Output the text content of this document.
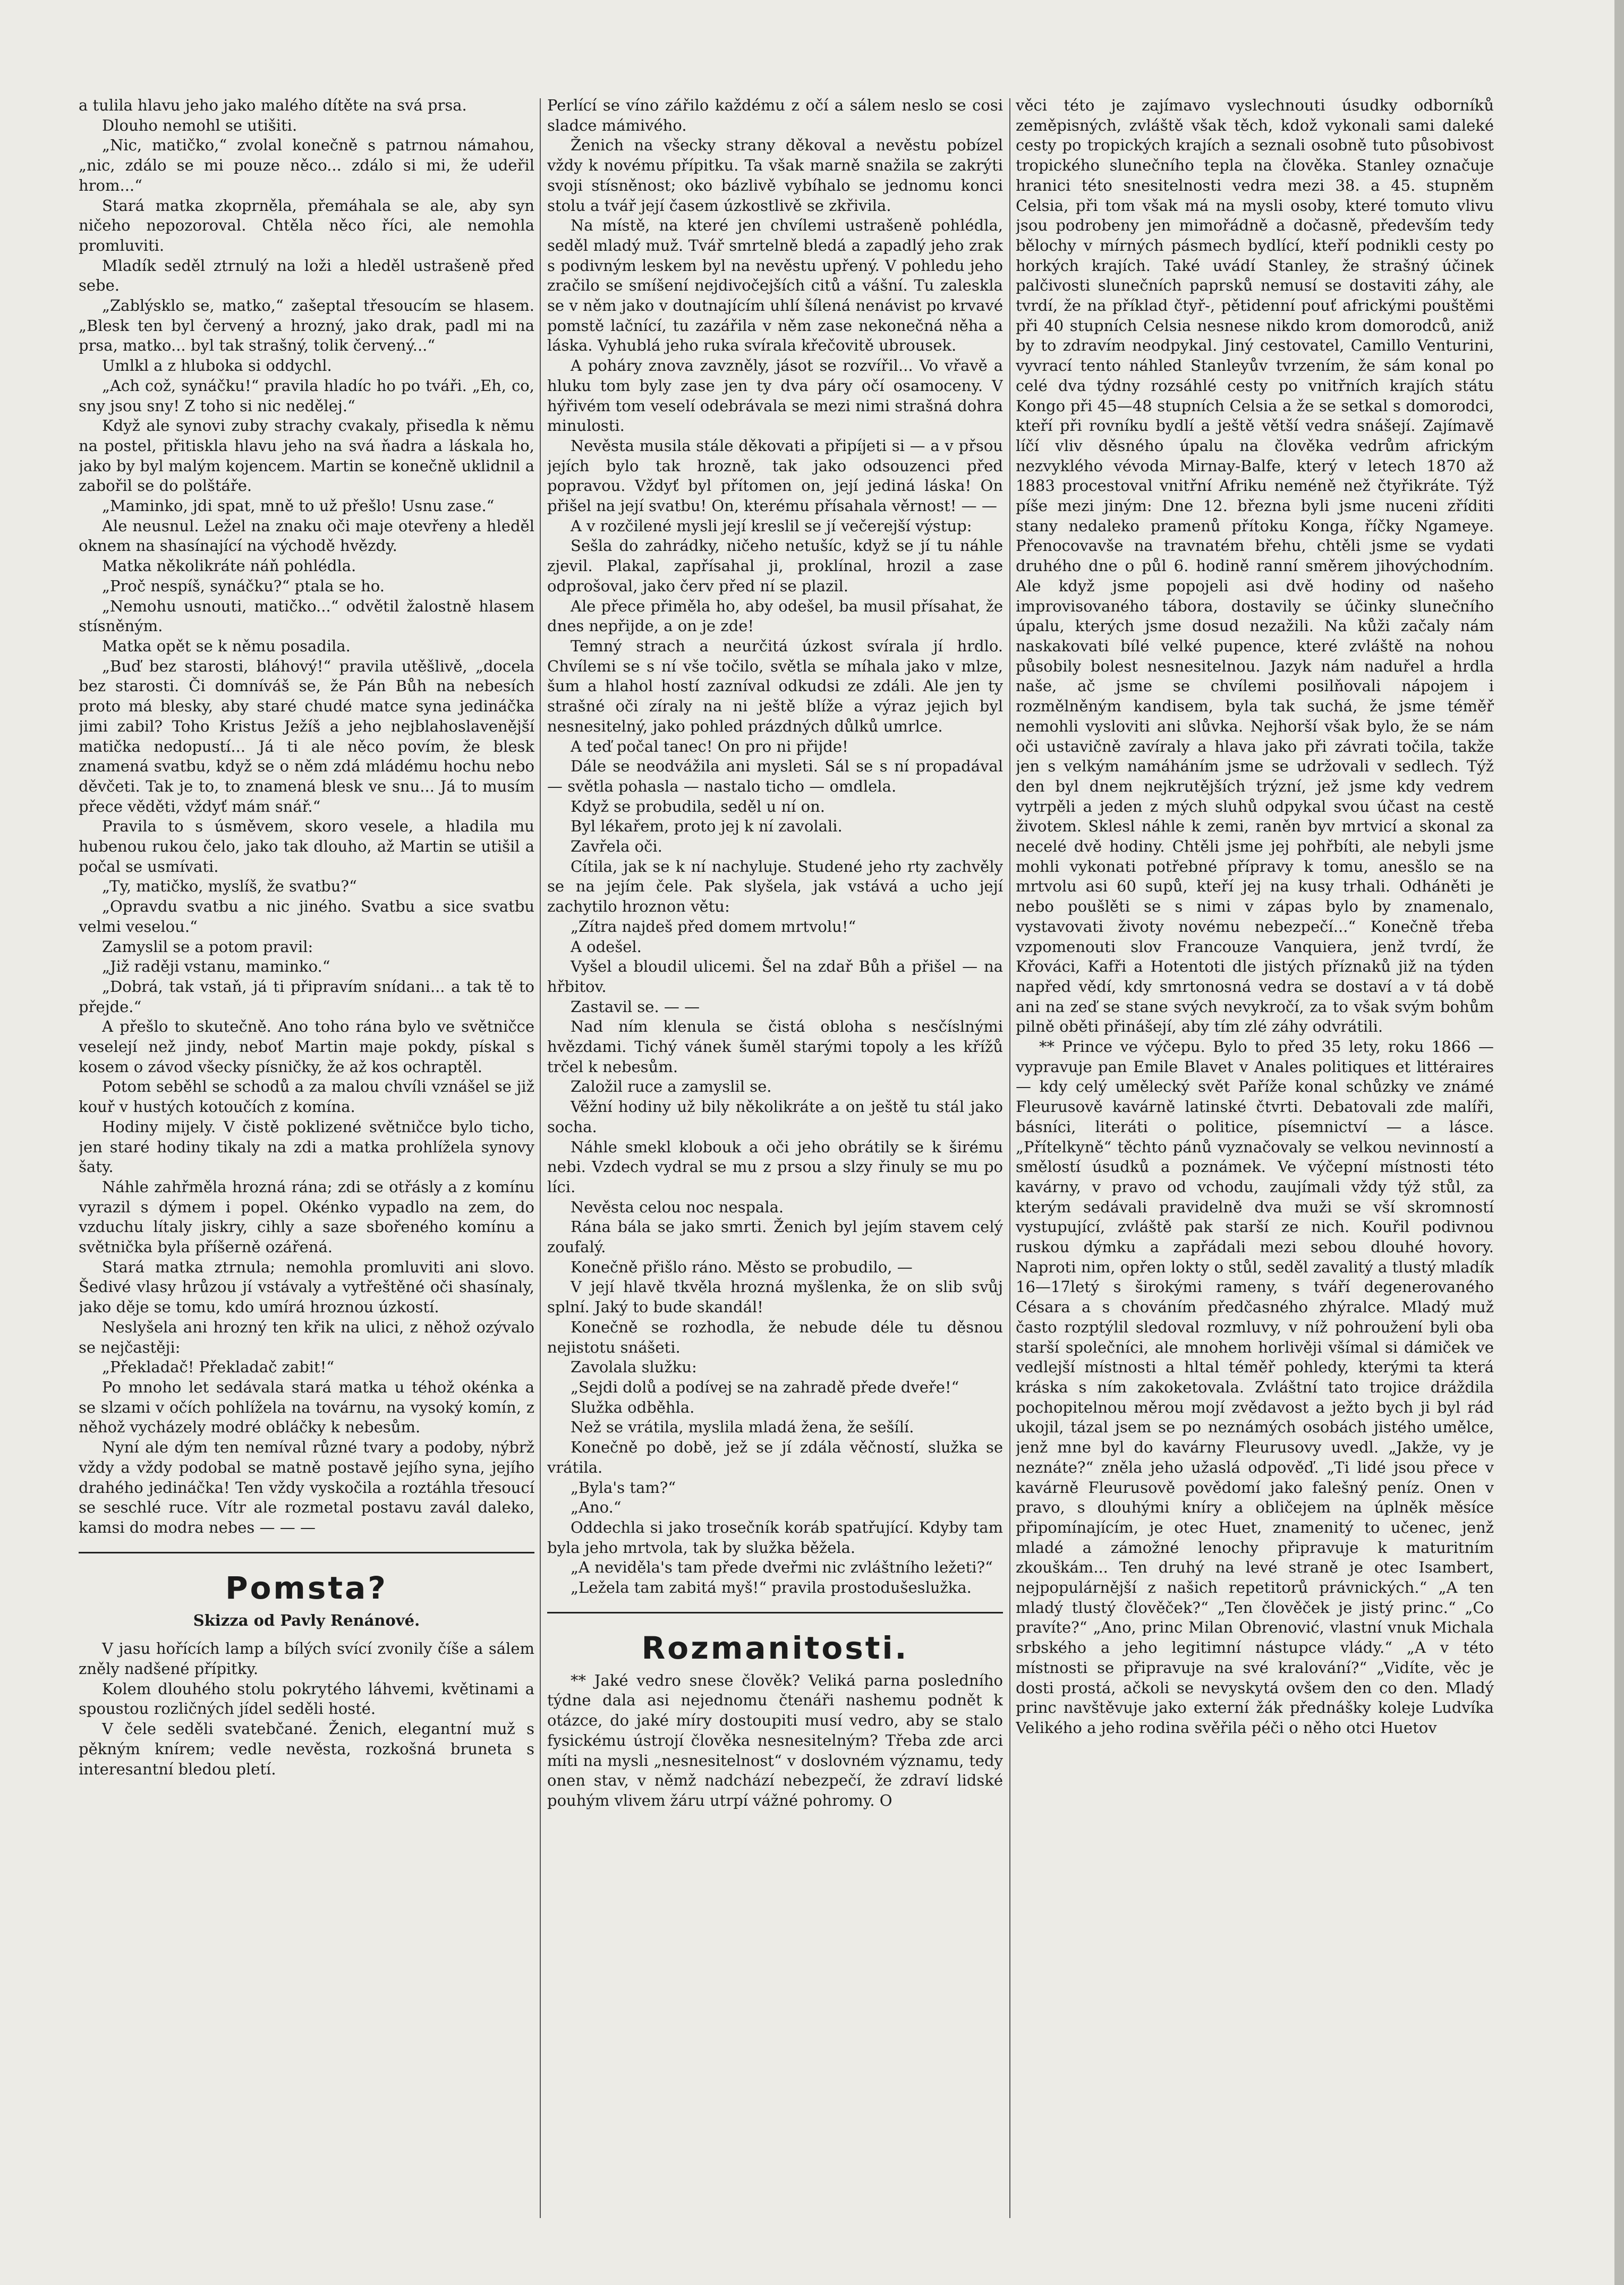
a tulila hlavu jeho jako malého dítěte na svá prsa.

Dlouho nemohl se utišiti.

„Nic, matičko,“ zvolal konečně s patrnou námahou, „nic, zdálo se mi pouze něco... zdálo si mi, že udeřil hrom...“

Stará matka zkoprněla, přemáhala se ale, aby syn ničeho nepozoroval. Chtěla něco říci, ale nemohla promluviti.

Mladík seděl ztrnulý na loži a hleděl ustrašeně před sebe.

„Zablýsklo se, matko,“ zašeptal třesoucím se hlasem. „Blesk ten byl červený a hrozný, jako drak, padl mi na prsa, matko... byl tak strašný, tolik červený...“

Umlkl a z hluboka si oddychl.

„Ach což, synáčku!“ pravila hladíc ho po tváři. „Eh, co, sny jsou sny! Z toho si nic nedělej.“

Když ale synovi zuby strachy cvakaly, přisedla k němu na postel, přitiskla hlavu jeho na svá ňadra a láskala ho, jako by byl malým kojencem. Martin se konečně uklidnil a zabořil se do polštáře.

„Maminko, jdi spat, mně to už přešlo! Usnu zase.“

Ale neusnul. Ležel na znaku oči maje otevřeny a hleděl oknem na shasínající na východě hvězdy.

Matka několikráte náň pohlédla.

„Proč nespíš, synáčku?“ ptala se ho.

„Nemohu usnouti, matičko...“ odvětil žalostně hlasem stísněným.

Matka opět se k němu posadila.

„Buď bez starosti, bláhový!“ pravila utěšlivě, „docela bez starosti. Či domníváš se, že Pán Bůh na nebesích proto má blesky, aby staré chudé matce syna jedináčka jimi zabil? Toho Kristus Ježíš a jeho nejblahoslavenější matička nedopustí... Já ti ale něco povím, že blesk znamená svatbu, když se o něm zdá mládému hochu nebo děvčeti. Tak je to, to znamená blesk ve snu... Já to musím přece věděti, vždyť mám snář.“

Pravila to s úsměvem, skoro vesele, a hladila mu hubenou rukou čelo, jako tak dlouho, až Martin se utišil a počal se usmívati.

„Ty, matičko, myslíš, že svatbu?“

„Opravdu svatbu a nic jiného. Svatbu a sice svatbu velmi veselou.“

Zamyslil se a potom pravil:

„Již raději vstanu, maminko.“

„Dobrá, tak vstaň, já ti připravím snídani... a tak tě to přejde.“

A přešlo to skutečně. Ano toho rána bylo ve světničce veselejí než jindy, neboť Martin maje pokdy, pískal s kosem o závod všecky písničky, že až kos ochraptěl.

Potom seběhl se schodů a za malou chvíli vznášel se již kouř v hustých kotoučích z komína.

Hodiny mijely. V čistě poklizené světničce bylo ticho, jen staré hodiny tikaly na zdi a matka prohlížela synovy šaty.

Náhle zahřměla hrozná rána; zdi se otřásly a z komínu vyrazil s dýmem i popel. Okénko vypadlo na zem, do vzduchu lítaly jiskry, cihly a saze sbořeného komínu a světnička byla příšerně ozářená.

Stará matka ztrnula; nemohla promluviti ani slovo. Šedivé vlasy hrůzou jí vstávaly a vytřeštěné oči shasínaly, jako děje se tomu, kdo umírá hroznou úzkostí.

Neslyšela ani hrozný ten křik na ulici, z něhož ozývalo se nejčastěji:

„Překladač! Překladač zabit!“

Po mnoho let sedávala stará matka u téhož okénka a se slzami v očích pohlížela na továrnu, na vysoký komín, z něhož vycházely modré obláčky k nebesům.

Nyní ale dým ten nemíval různé tvary a podoby, nýbrž vždy a vždy podobal se matně postavě jejího syna, jejího drahého jedináčka! Ten vždy vyskočila a roztáhla třesoucí se seschlé ruce. Vítr ale rozmetal postavu zavál daleko, kamsi do modra nebes — — —

Pomsta?
Skizza od Pavly Renánové.

V jasu hořících lamp a bílých svící zvonily číše a sálem zněly nadšené přípitky.

Kolem dlouhého stolu pokrytého láhvemi, květinami a spoustou rozličných jídel seděli hosté.

V čele seděli svatebčané. Ženich, elegantní muž s pěkným knírem; vedle nevěsta, rozkošná bruneta s interesantní bledou pletí.

Perlící se víno zářilo každému z očí a sálem neslo se cosi sladce mámivého.

Ženich na všecky strany děkoval a nevěstu pobízel vždy k novému přípitku. Ta však marně snažila se zakrýti svoji stísněnost; oko bázlivě vybíhalo se jednomu konci stolu a tvář její časem úzkostlivě se zkřivila.

Na místě, na které jen chvílemi ustrašeně pohlédla, seděl mladý muž. Tvář smrtelně bledá a zapadlý jeho zrak s podivným leskem byl na nevěstu upřený. V pohledu jeho zračilo se smíšení nejdivočejších citů a vášní. Tu zaleskla se v něm jako v doutnajícím uhlí šílená nenávist po krvavé pomstě lačnící, tu zazářila v něm zase nekonečná něha a láska. Vyhublá jeho ruka svírala křečovitě ubrousek.

A poháry znova zavzněly, jásot se rozvířil... Vo vřavě a hluku tom byly zase jen ty dva páry očí osamoceny. V hýřivém tom veselí odebrávala se mezi nimi strašná dohra minulosti.

Nevěsta musila stále děkovati a připíjeti si — a v přsou jejích bylo tak hrozně, tak jako odsouzenci před popravou. Vždyť byl přítomen on, její jediná láska! On přišel na její svatbu! On, kterému přísahala věrnost! — —

A v rozčilené mysli její kreslil se jí večerejší výstup:

Sešla do zahrádky, ničeho netušíc, když se jí tu náhle zjevil. Plakal, zapřísahal ji, proklínal, hrozil a zase odprošoval, jako červ před ní se plazil.

Ale přece přiměla ho, aby odešel, ba musil přísahat, že dnes nepřijde, a on je zde!

Temný strach a neurčitá úzkost svírala jí hrdlo. Chvílemi se s ní vše točilo, světla se míhala jako v mlze, šum a hlahol hostí zazníval odkudsi ze zdáli. Ale jen ty strašné oči zíraly na ni ještě blíže a výraz jejich byl nesnesitelný, jako pohled prázdných důlků umrlce.

A teď počal tanec! On pro ni přijde!

Dále se neodvážila ani mysleti. Sál se s ní propadával — světla pohasla — nastalo ticho — omdlela.

Když se probudila, seděl u ní on.

Byl lékařem, proto jej k ní zavolali.

Zavřela oči.

Cítila, jak se k ní nachyluje. Studené jeho rty zachvěly se na jejím čele. Pak slyšela, jak vstává a ucho její zachytilo hroznon větu:

„Zítra najdeš před domem mrtvolu!“

A odešel.

Vyšel a bloudil ulicemi. Šel na zdař Bůh a přišel — na hřbitov.

Zastavil se. — —

Nad ním klenula se čistá obloha s nesčíslnými hvězdami. Tichý vánek šuměl starými topoly a les křížů trčel k nebesům.

Založil ruce a zamyslil se.

Věžní hodiny už bily několikráte a on ještě tu stál jako socha.

Náhle smekl klobouk a oči jeho obrátily se k širému nebi. Vzdech vydral se mu z prsou a slzy řinuly se mu po líci.

Nevěsta celou noc nespala.

Rána bála se jako smrti. Ženich byl jejím stavem celý zoufalý.

Konečně přišlo ráno. Město se probudilo, —

V její hlavě tkvěla hrozná myšlenka, že on slib svůj splní. Jaký to bude skandál!

Konečně se rozhodla, že nebude déle tu děsnou nejistotu snášeti.

Zavolala služku:

„Sejdi dolů a podívej se na zahradě přede dveře!“

Služka odběhla.

Než se vrátila, myslila mladá žena, že sešílí.

Konečně po době, jež se jí zdála věčností, služka se vrátila.

„Byla's tam?“

„Ano.“

Oddechla si jako trosečník koráb spatřující. Kdyby tam byla jeho mrtvola, tak by služka běžela.

„A neviděla's tam přede dveřmi nic zvláštního ležeti?“

„Ležela tam zabitá myš!“ pravila prostodušeslužka.

Rozmanitosti.

** Jaké vedro snese člověk? Veliká parna posledního týdne dala asi nejednomu čtenáři nashemu podnět k otázce, do jaké míry dostoupiti musí vedro, aby se stalo fysickému ústrojí člověka nesnesitelným? Třeba zde arci míti na mysli „nesnesitelnost“ v doslovném významu, tedy onen stav, v němž nadchází nebezpečí, že zdraví lidské pouhým vlivem žáru utrpí vážné pohromy. O

věci této je zajímavo vyslechnouti úsudky odborníků zeměpisných, zvláště však těch, kdož vykonali sami daleké cesty po tropických krajích a seznali osobně tuto působivost tropického slunečního tepla na člověka. Stanley označuje hranici této snesitelnosti vedra mezi 38. a 45. stupněm Celsia, při tom však má na mysli osoby, které tomuto vlivu jsou podrobeny jen mimořádně a dočasně, především tedy bělochy v mírných pásmech bydlící, kteří podnikli cesty po horkých krajích. Také uvádí Stanley, že strašný účinek palčivosti slunečních paprsků nemusí se dostaviti záhy, ale tvrdí, že na příklad čtyř-, pětidenní pouť africkými pouštěmi při 40 stupních Celsia nesnese nikdo krom domorodců, aniž by to zdravím neodpykal. Jiný cestovatel, Camillo Venturini, vyvrací tento náhled Stanleyův tvrzením, že sám konal po celé dva týdny rozsáhlé cesty po vnitřních krajích státu Kongo při 45—48 stupních Celsia a že se setkal s domorodci, kteří při rovníku bydlí a ještě větší vedra snášejí. Zajímavě líčí vliv děsného úpalu na člověka vedrům africkým nezvyklého vévoda Mirnay-Balfe, který v letech 1870 až 1883 procestoval vnitřní Afriku neméně než čtyřikráte. Týž píše mezi jiným: Dne 12. března byli jsme nuceni zříditi stany nedaleko pramenů přítoku Konga, říčky Ngameye. Přenocovavše na travnatém břehu, chtěli jsme se vydati druhého dne o půl 6. hodině ranní směrem jihovýchodním. Ale když jsme popojeli asi dvě hodiny od našeho improvisovaného tábora, dostavily se účinky slunečního úpalu, kterých jsme dosud nezažili. Na kůži začaly nám naskakovati bílé velké pupence, které zvláště na nohou působily bolest nesnesitelnou. Jazyk nám naduřel a hrdla naše, ač jsme se chvílemi posilňovali nápojem i rozmělněným kandisem, byla tak suchá, že jsme téměř nemohli vysloviti ani slůvka. Nejhorší však bylo, že se nám oči ustavičně zavíraly a hlava jako při závrati točila, takže jen s velkým namáháním jsme se udržovali v sedlech. Týž den byl dnem nejkrutějších trýzní, jež jsme kdy vedrem vytrpěli a jeden z mých sluhů odpykal svou účast na cestě životem. Sklesl náhle k zemi, raněn byv mrtvicí a skonal za necelé dvě hodiny. Chtěli jsme jej pohřbíti, ale nebyli jsme mohli vykonati potřebné přípravy k tomu, anesšlo se na mrtvolu asi 60 supů, kteří jej na kusy trhali. Odháněti je nebo poušlěti se s nimi v zápas bylo by znamenalo, vystavovati životy novému nebezpečí...“ Konečně třeba vzpomenouti slov Francouze Vanquiera, jenž tvrdí, že Křováci, Kafři a Hotentoti dle jistých příznaků již na týden napřed vědí, kdy smrtonosná vedra se dostaví a v tá době ani na zeď se stane svých nevykročí, za to však svým bohům pilně oběti přinášejí, aby tím zlé záhy odvrátili.

** Prince ve výčepu. Bylo to před 35 lety, roku 1866 — vypravuje pan Emile Blavet v Anales politiques et littéraires — kdy celý umělecký svět Paříže konal schůzky ve známé Fleurusově kavárně latinské čtvrti. Debatovali zde malíři, básníci, literáti o politice, písemnictví — a lásce. „Přítelkyně“ těchto pánů vyznačovaly se velkou nevinností a smělostí úsudků a poznámek. Ve výčepní místnosti této kavárny, v pravo od vchodu, zaujímali vždy týž stůl, za kterým sedávali pravidelně dva muži se vší skromností vystupující, zvláště pak starší ze nich. Kouřil podivnou ruskou dýmku a zapřádali mezi sebou dlouhé hovory. Naproti nim, opřen lokty o stůl, seděl zavalitý a tlustý mladík 16—17letý s širokými rameny, s tváří degenerovaného Césara a s chováním předčasného zhýralce. Mladý muž často rozptýlil sledoval rozmluvy, v níž pohroužení byli oba starší společníci, ale mnohem horlivěji všímal si dámiček ve vedlejší místnosti a hltal téměř pohledy, kterými ta která kráska s ním zakoketovala. Zvláštní tato trojice dráždila pochopitelnou měrou mojí zvědavost a ježto bych ji byl rád ukojil, tázal jsem se po neznámých osobách jistého umělce, jenž mne byl do kavárny Fleurusovy uvedl. „Jakže, vy je neznáte?“ zněla jeho užaslá odpověď. „Ti lidé jsou přece v kavárně Fleurusově povědomí jako falešný peníz. Onen v pravo, s dlouhými kníry a obličejem na úplněk měsíce připomínajícím, je otec Huet, znamenitý to učenec, jenž mladé a zámožné lenochy připravuje k maturitním zkouškám... Ten druhý na levé straně je otec Isambert, nejpopulárnější z našich repetitorů právnických.“ „A ten mladý tlustý člověček?“ „Ten člověček je jistý princ.“ „Co pravíte?“ „Ano, princ Milan Obrenović, vlastní vnuk Michala srbského a jeho legitimní nástupce vlády.“ „A v této místnosti se připravuje na své kralování?“ „Vidíte, věc je dosti prostá, ačkoli se nevyskytá ovšem den co den. Mladý princ navštěvuje jako externí žák přednášky koleje Ludvíka Velikého a jeho rodina svěřila péči o něho otci Huetov
